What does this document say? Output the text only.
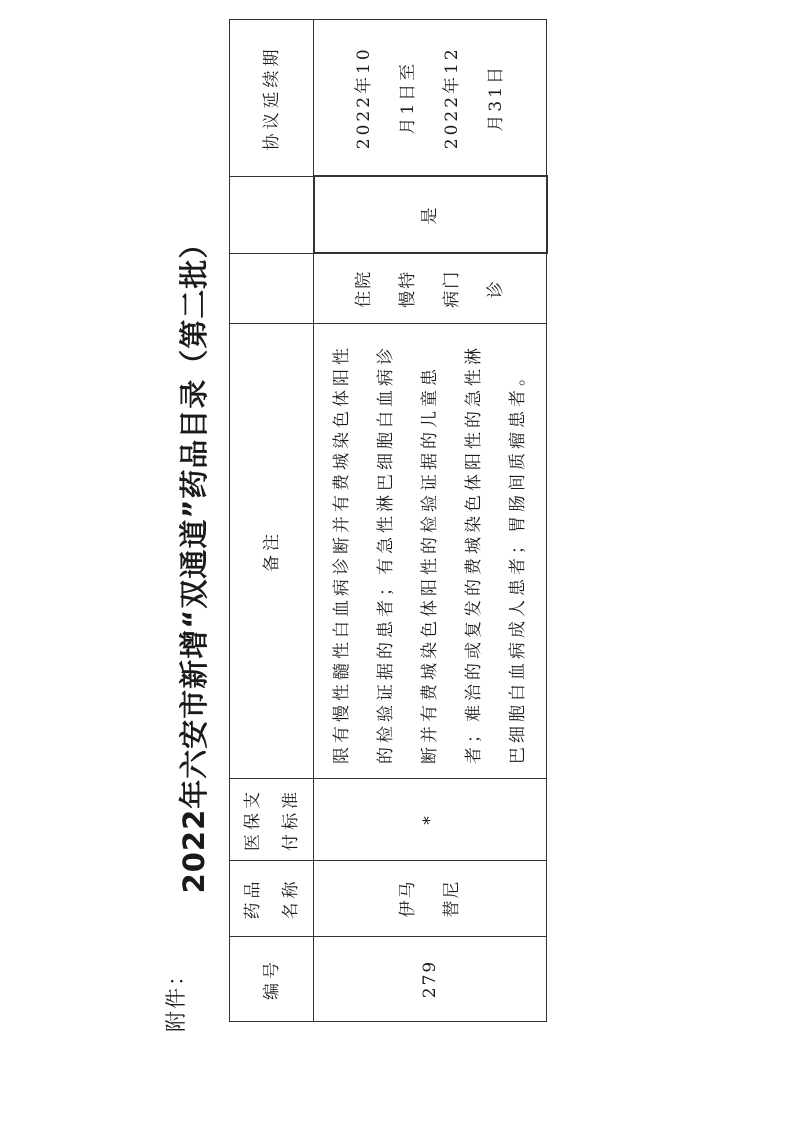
附件：
2022年六安市新增“双通道”药品目录（第二批）
编号	药品 名称	医保支 付标准	备注			协议延续期
279	伊马 替尼	*	限有慢性髓性白血病诊断并有费城染色体阳性的检验证据的患者；有急性淋巴细胞白血病诊断并有费城染色体阳性的检验证据的儿童患者；难治的或复发的费城染色体阳性的急性淋巴细胞白血病成人患者；胃肠间质瘤患者。	住院 慢特 病门 诊	是	2022年10 月1日至 2022年12 月31日
